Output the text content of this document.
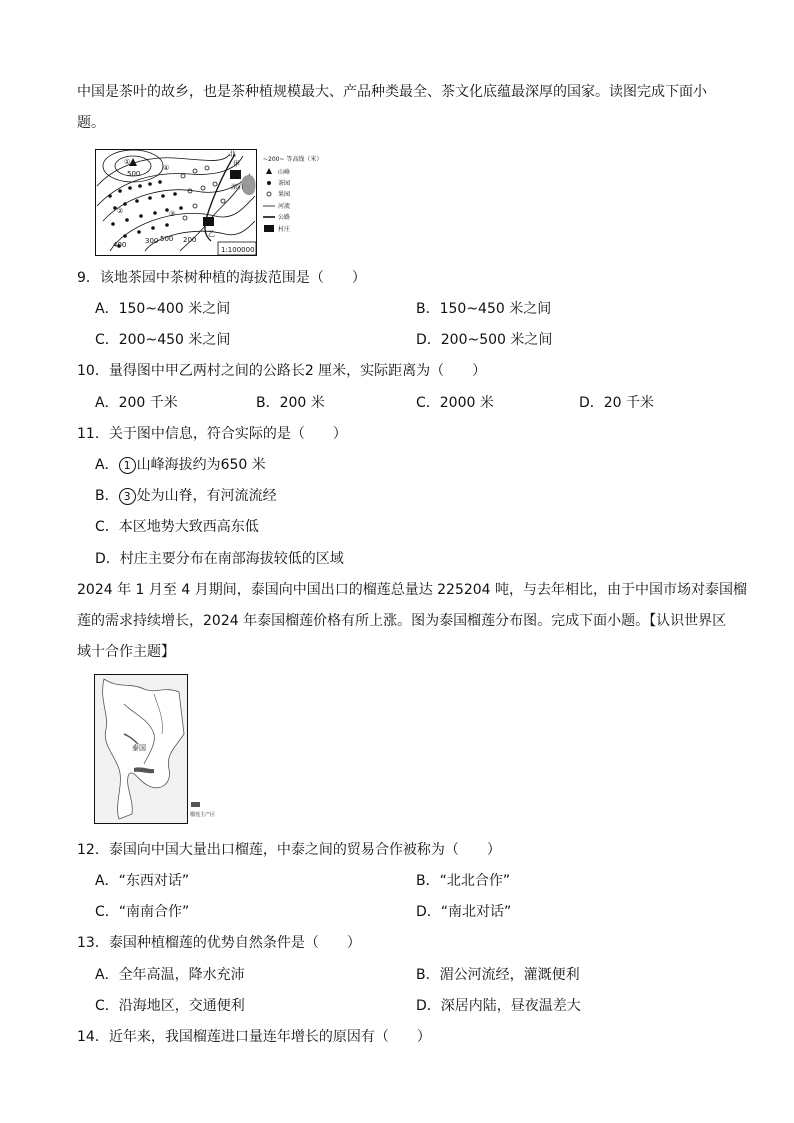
中国是茶叶的故乡，也是茶种植规模最大、产品种类最全、茶文化底蕴最深厚的国家。读图完成下面小
题。
①
500
②	③
④	甲
乙
湖泊
400	300	200
500
北
1:100000
~200~ 等高线（米）
山峰
茶园
果园
河流
公路
村庄
9．该地茶园中茶树种植的海拔范围是（　　）
A．150~400 米之间	B．150~450 米之间
C．200~450 米之间	D．200~500 米之间
10．量得图中甲乙两村之间的公路长2 厘米，实际距离为（　　）
A．200 千米	B．200 米	C．2000 米	D．20 千米
11．关于图中信息，符合实际的是（　　）
A． 1 山峰海拔约为650 米
B． 3 处为山脊，有河流流经
C．本区地势大致西高东低
D．村庄主要分布在南部海拔较低的区域
2024 年 1 月至 4 月期间，泰国向中国出口的榴莲总量达 225204 吨，与去年相比，由于中国市场对泰国榴
莲的需求持续增长，2024 年泰国榴莲价格有所上涨。图为泰国榴莲分布图。完成下面小题。【认识世界区
域十合作主题】
泰国
榴莲主产区
12．泰国向中国大量出口榴莲，中泰之间的贸易合作被称为（　　）
A．“东西对话”	B．“北北合作”
C．“南南合作”	D．“南北对话”
13．泰国种植榴莲的优势自然条件是（　　）
A．全年高温，降水充沛	B．湄公河流经，灌溉便利
C．沿海地区，交通便利	D．深居内陆，昼夜温差大
14．近年来，我国榴莲进口量连年增长的原因有（　　）
